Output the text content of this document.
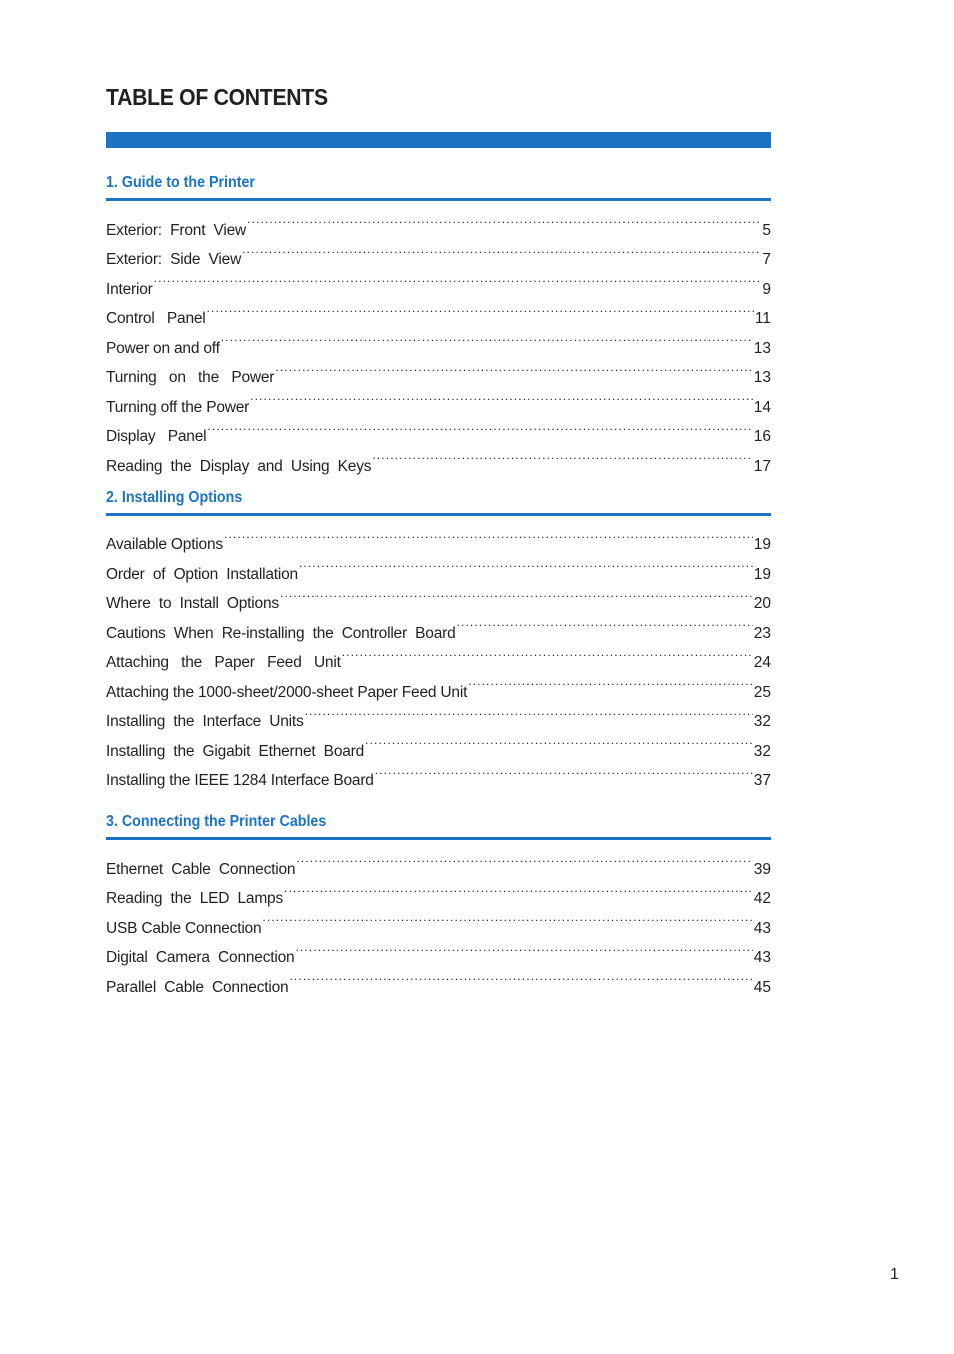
TABLE OF CONTENTS
1. Guide to the Printer
Exterior:  Front  View . . .	5
Exterior:  Side  View . . .	7
Interior . . .	9
Control   Panel . . .	11
Power on and off . . .	13
Turning   on   the   Power . . .	13
Turning off the Power . . .	14
Display   Panel . . .	16
Reading  the  Display  and  Using  Keys . . .	17
2. Installing Options
Available Options . . .	19
Order  of  Option  Installation . . .	19
Where  to  Install  Options . . .	20
Cautions  When  Re-installing  the  Controller  Board . . .	23
Attaching   the   Paper   Feed   Unit . . .	24
Attaching the 1000-sheet/2000-sheet Paper Feed Unit . . .	25
Installing  the  Interface  Units . . .	32
Installing  the  Gigabit  Ethernet  Board . . .	32
Installing the IEEE 1284 Interface Board . . .	37
3. Connecting the Printer Cables
Ethernet  Cable  Connection . . .	39
Reading  the  LED  Lamps . . .	42
USB Cable Connection . . .	43
Digital  Camera  Connection . . .	43
Parallel  Cable  Connection . . .	45
1
